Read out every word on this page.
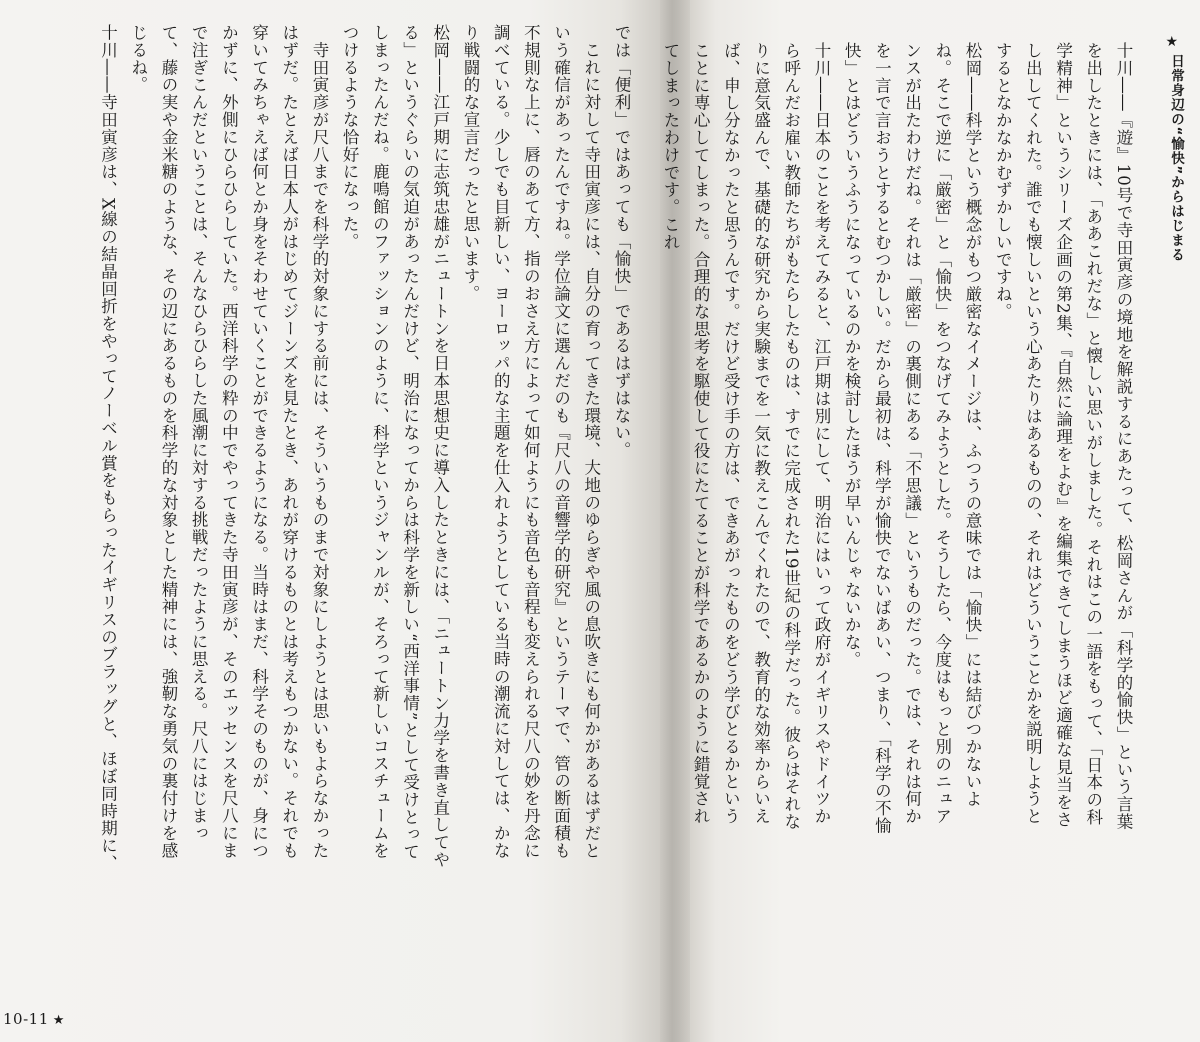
では「便利」ではあっても「愉快」であるはずはない。
　これに対して寺田寅彦には、自分の育ってきた環境、大地のゆらぎや風の息吹きにも何かがあるはずだという確信があったんですね。学位論文に選んだのも『尺八の音響学的研究』というテーマで、管の断面積も不規則な上に、唇のあて方、指のおさえ方によって如何ようにも音色も音程も変えられる尺八の妙を丹念に調べている。少しでも目新しい、ヨーロッパ的な主題を仕入れようとしている当時の潮流に対しては、かなり戦闘的な宣言だったと思います。
松岡――江戸期に志筑忠雄がニュートンを日本思想史に導入したときには、「ニュートン力学を書き直してやる」というぐらいの気迫があったんだけど、明治になってからは科学を新しい“西洋事情”として受けとってしまったんだね。鹿鳴館のファッションのように、科学というジャンルが、そろって新しいコスチュームをつけるような恰好になった。
　寺田寅彦が尺八までを科学的対象にする前には、そういうものまで対象にしようとは思いもよらなかったはずだ。たとえば日本人がはじめてジーンズを見たとき、あれが穿けるものとは考えもつかない。それでも穿いてみちゃえば何とか身をそわせていくことができるようになる。当時はまだ、科学そのものが、身につかずに、外側にひらひらしていた。西洋科学の粋の中でやってきた寺田寅彦が、そのエッセンスを尺八にまで注ぎこんだということは、そんなひらひらした風潮に対する挑戦だったように思える。尺八にはじまって、藤の実や金米糖のような、その辺にあるものを科学的な対象とした精神には、強靭な勇気の裏付けを感じるね。
十川――寺田寅彦は、X線の結晶回折をやってノーベル賞をもらったイギリスのブラッグと、ほぼ同時期に、
10-11 ★
★
日常身辺の“愉快”からはじまる
十川――『遊』10号で寺田寅彦の境地を解説するにあたって、松岡さんが「科学的愉快」という言葉を出したときには、「ああこれだな」と懐しい思いがしました。それはこの一語をもって、「日本の科学精神」というシリーズ企画の第2集、『自然に論理をよむ』を編集できてしまうほど適確な見当をさし出してくれた。誰でも懐しいという心あたりはあるものの、それはどういうことかを説明しようとするとなかなかむずかしいですね。
松岡――科学という概念がもつ厳密なイメージは、ふつうの意味では「愉快」には結びつかないよね。そこで逆に「厳密」と「愉快」をつなげてみようとした。そうしたら、今度はもっと別のニュアンスが出たわけだね。それは「厳密」の裏側にある「不思議」というものだった。では、それは何かを一言で言おうとするとむつかしい。だから最初は、科学が愉快でないばあい、つまり、「科学の不愉快」とはどういうふうになっているのかを検討したほうが早いんじゃないかな。
十川――日本のことを考えてみると、江戸期は別にして、明治にはいって政府がイギリスやドイツから呼んだお雇い教師たちがもたらしたものは、すでに完成された19世紀の科学だった。彼らはそれなりに意気盛んで、基礎的な研究から実験までを一気に教えこんでくれたので、教育的な効率からいえば、申し分なかったと思うんです。だけど受け手の方は、できあがったものをどう学びとるかということに専心してしまった。合理的な思考を駆使して役にたてることが科学であるかのように錯覚されてしまったわけです。これ
